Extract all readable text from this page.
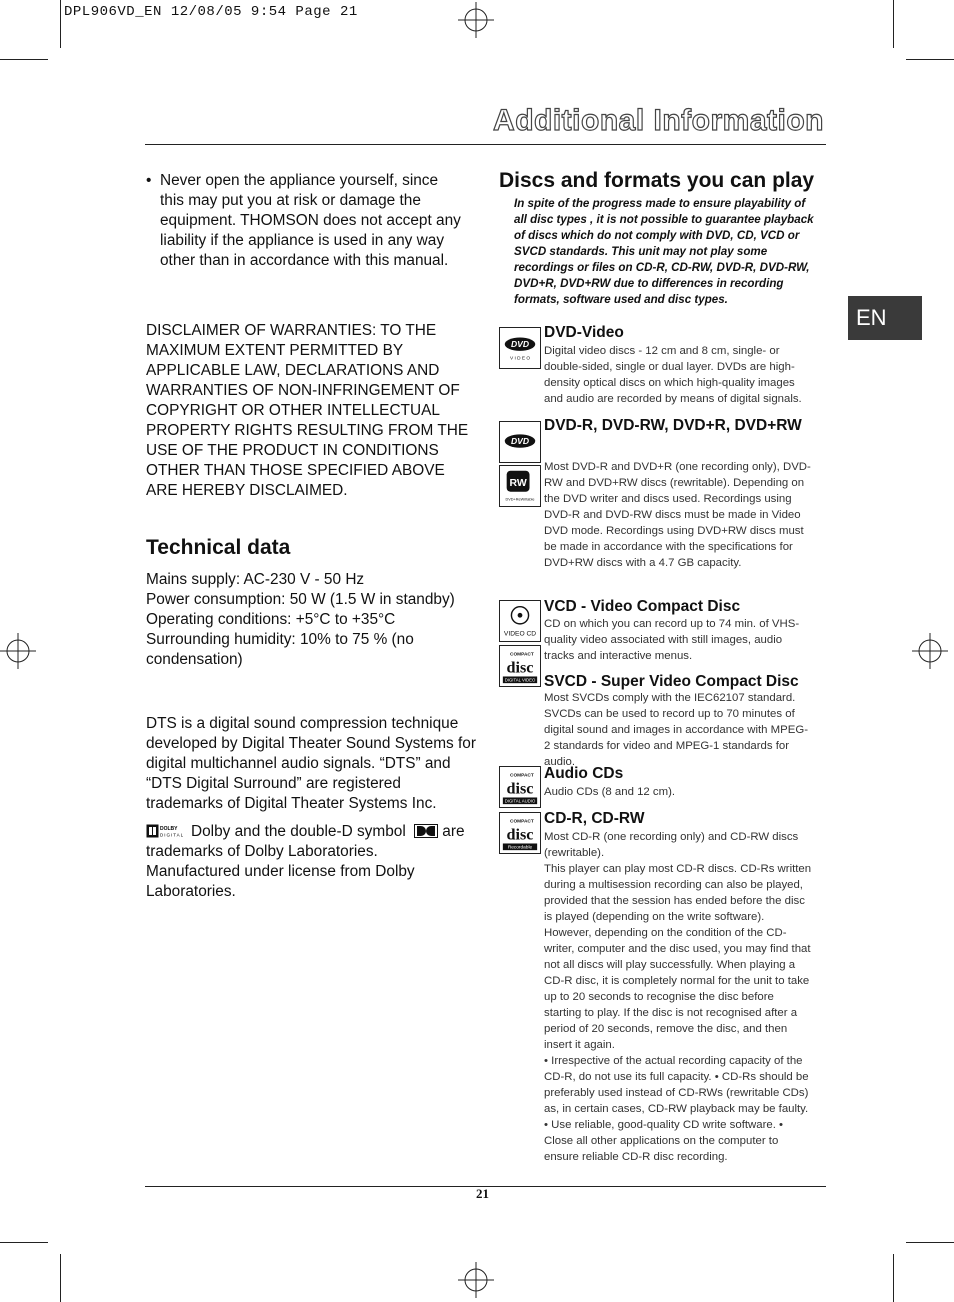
DPL906VD_EN 12/08/05 9:54 Page 21
Additional Information
EN
• Never open the appliance yourself, since this may put you at risk or damage the equipment. THOMSON does not accept any liability if the appliance is used in any way other than in accordance with this manual.
DISCLAIMER OF WARRANTIES: TO THE MAXIMUM EXTENT PERMITTED BY APPLICABLE LAW, DECLARATIONS AND WARRANTIES OF NON-INFRINGEMENT OF COPYRIGHT OR OTHER INTELLECTUAL PROPERTY RIGHTS RESULTING FROM THE USE OF THE PRODUCT IN CONDITIONS OTHER THAN THOSE SPECIFIED ABOVE ARE HEREBY DISCLAIMED.
Technical data
Mains supply: AC-230 V - 50 Hz
Power consumption: 50 W (1.5 W in standby)
Operating conditions: +5°C to +35°C
Surrounding humidity: 10% to 75 % (no
condensation)
DTS is a digital sound compression technique developed by Digital Theater Sound Systems for digital multichannel audio signals. “DTS” and “DTS Digital Surround” are registered trademarks of Digital Theater Systems Inc.
DOLBY
DIGITAL Dolby and the double-D symbol are trademarks of Dolby Laboratories. Manufactured under license from Dolby Laboratories.
Discs and formats you can play
In spite of the progress made to ensure playability of all disc types , it is not possible to guarantee playback of discs which do not comply with DVD, CD, VCD or SVCD standards. This unit may not play some recordings or files on CD-R, CD-RW, DVD-R, DVD-RW, DVD+R, DVD+RW due to differences in recording formats, software used and disc types.
DVD
V I D E O
DVD-Video
Digital video discs - 12 cm and 8 cm, single- or double-sided, single or dual layer. DVDs are high-density optical discs on which high-quality images and audio are recorded by means of digital signals.
DVD
RW
DVD+ReWritable
DVD-R, DVD-RW, DVD+R, DVD+RW
Most DVD-R and DVD+R (one recording only), DVD-RW and DVD+RW discs (rewritable). Depending on the DVD writer and discs used. Recordings using DVD-R and DVD-RW discs must be made in Video DVD mode. Recordings using DVD+RW discs must be made in accordance with the specifications for DVD+RW discs with a 4.7 GB capacity.
VIDEO CD
VCD - Video Compact Disc
CD on which you can record up to 74 min. of VHS-quality video associated with still images, audio tracks and interactive menus.
COMPACT
disc
DIGITAL VIDEO SVCD - Super Video Compact Disc
Most SVCDs comply with the IEC62107 standard. SVCDs can be used to record up to 70 minutes of digital sound and images in accordance with MPEG-2 standards for video and MPEG-1 standards for audio.
COMPACT
disc
DIGITAL AUDIO
Audio CDs
Audio CDs (8 and 12 cm).
COMPACT
disc
Recordable
CD-R, CD-RW
Most CD-R (one recording only) and CD-RW discs (rewritable).
This player can play most CD-R discs. CD-Rs written during a multisession recording can also be played, provided that the session has ended before the disc is played (depending on the write software). However, depending on the condition of the CD-writer, computer and the disc used, you may find that not all discs will play successfully. When playing a CD-R disc, it is completely normal for the unit to take up to 20 seconds to recognise the disc before starting to play. If the disc is not recognised after a period of 20 seconds, remove the disc, and then insert it again.
• Irrespective of the actual recording capacity of the CD-R, do not use its full capacity. • CD-Rs should be preferably used instead of CD-RWs (rewritable CDs) as, in certain cases, CD-RW playback may be faulty. • Use reliable, good-quality CD write software. • Close all other applications on the computer to ensure reliable CD-R disc recording.
21
